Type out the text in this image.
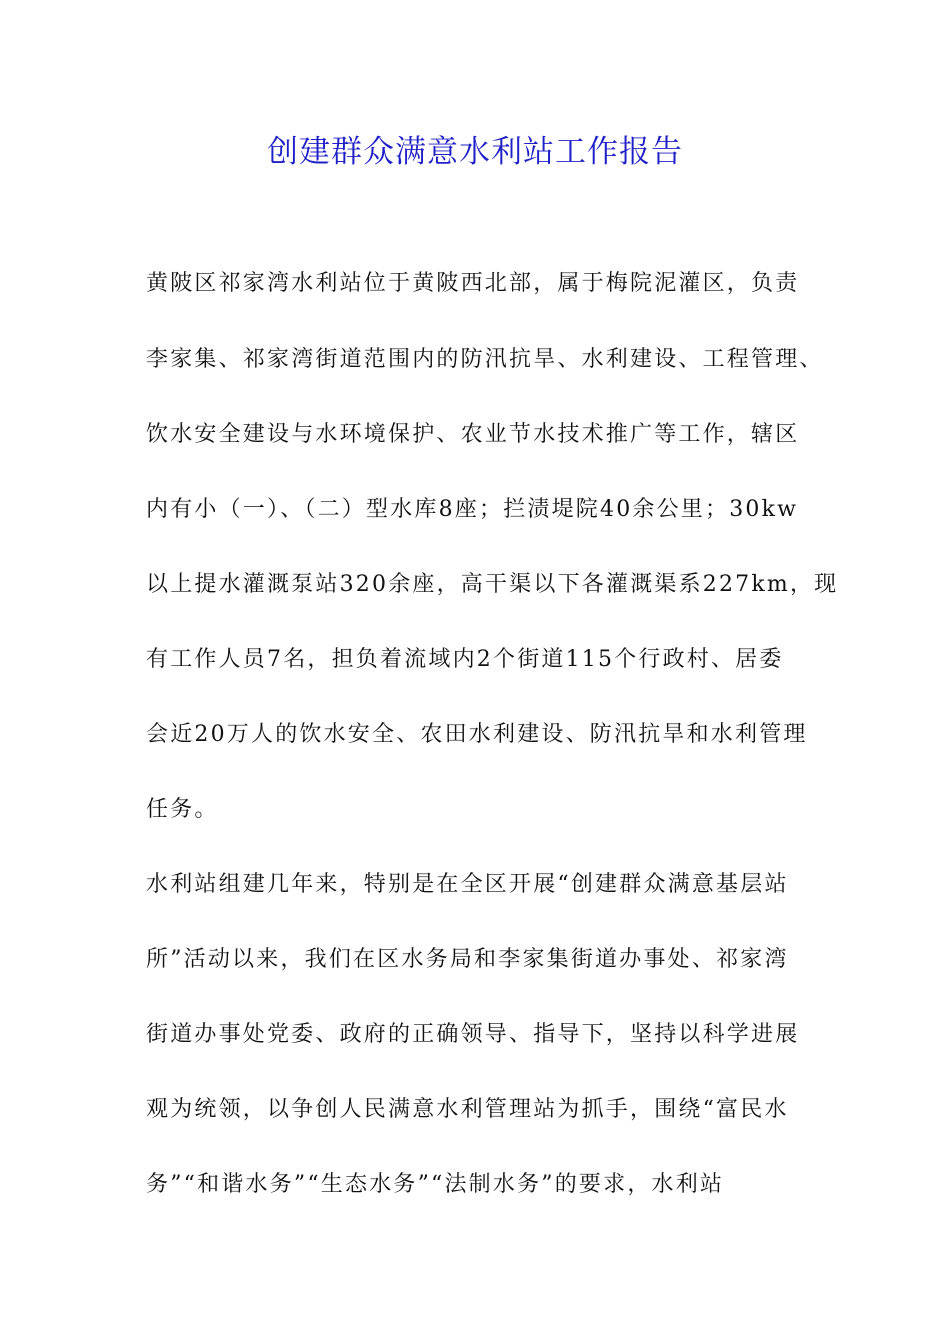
创建群众满意水利站工作报告
黄陂区祁家湾水利站位于黄陂西北部，属于梅院泥灌区，负责
李家集、祁家湾街道范围内的防汛抗旱、水利建设、工程管理、
饮水安全建设与水环境保护、农业节水技术推广等工作，辖区
内有小（一）、（二）型水库8座；拦渍堤院40余公里；30kw
以上提水灌溉泵站320余座，高干渠以下各灌溉渠系227km，现
有工作人员7名，担负着流域内2个街道115个行政村、居委
会近20万人的饮水安全、农田水利建设、防汛抗旱和水利管理
任务。
水利站组建几年来，特别是在全区开展“创建群众满意基层站
所”活动以来，我们在区水务局和李家集街道办事处、祁家湾
街道办事处党委、政府的正确领导、指导下，坚持以科学进展
观为统领，以争创人民满意水利管理站为抓手，围绕“富民水
务”“和谐水务”“生态水务”“法制水务”的要求，水利站
